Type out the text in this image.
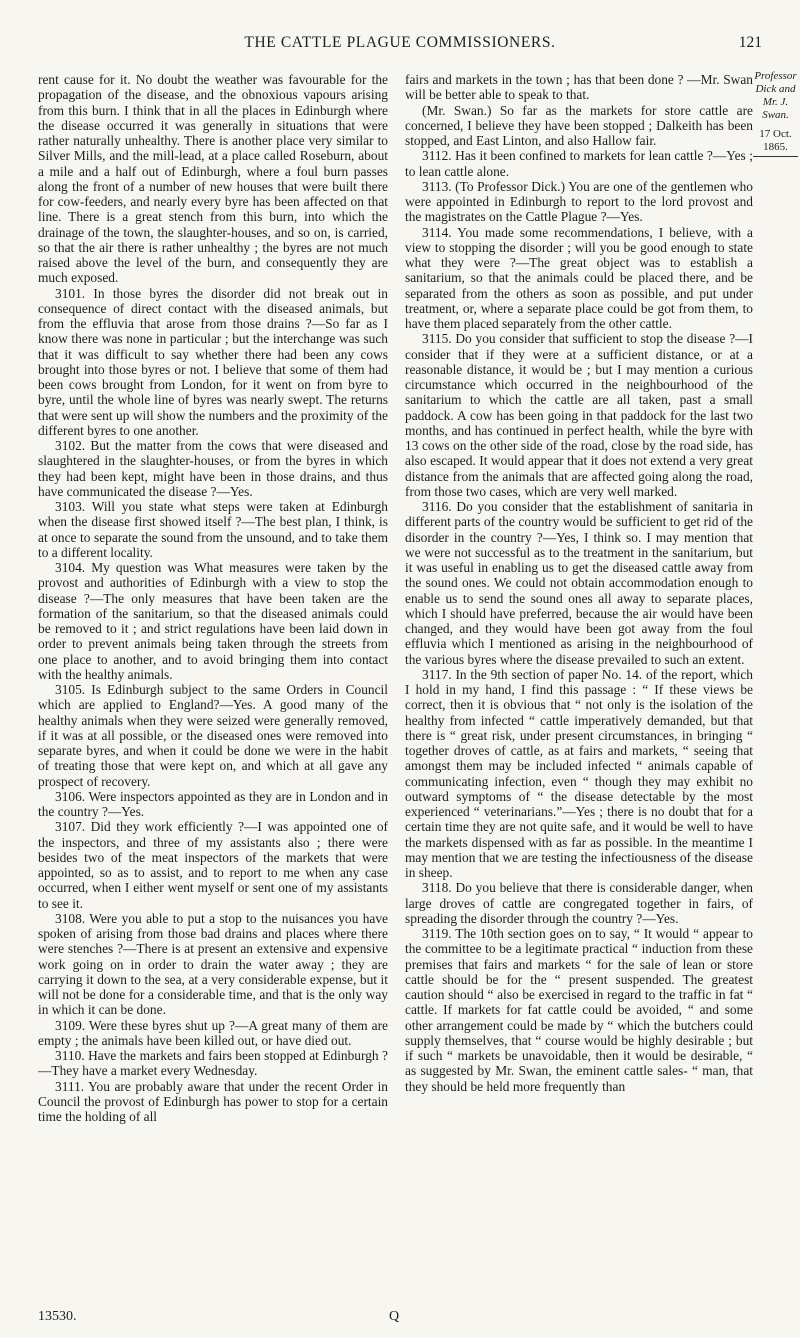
THE CATTLE PLAGUE COMMISSIONERS.	121

rent cause for it. No doubt the weather was favourable for the propagation of the disease, and the obnoxious vapours arising from this burn. I think that in all the places in Edinburgh where the disease occurred it was generally in situations that were rather naturally unhealthy. There is another place very similar to Silver Mills, and the mill-lead, at a place called Roseburn, about a mile and a half out of Edinburgh, where a foul burn passes along the front of a number of new houses that were built there for cow-feeders, and nearly every byre has been affected on that line. There is a great stench from this burn, into which the drainage of the town, the slaughter-houses, and so on, is carried, so that the air there is rather unhealthy ; the byres are not much raised above the level of the burn, and consequently they are much exposed.

3101. In those byres the disorder did not break out in consequence of direct contact with the diseased animals, but from the effluvia that arose from those drains ?—So far as I know there was none in particular ; but the interchange was such that it was difficult to say whether there had been any cows brought into those byres or not. I believe that some of them had been cows brought from London, for it went on from byre to byre, until the whole line of byres was nearly swept. The returns that were sent up will show the numbers and the proximity of the different byres to one another.

3102. But the matter from the cows that were diseased and slaughtered in the slaughter-houses, or from the byres in which they had been kept, might have been in those drains, and thus have communicated the disease ?—Yes.

3103. Will you state what steps were taken at Edinburgh when the disease first showed itself ?—The best plan, I think, is at once to separate the sound from the unsound, and to take them to a different locality.

3104. My question was What measures were taken by the provost and authorities of Edinburgh with a view to stop the disease ?—The only measures that have been taken are the formation of the sanitarium, so that the diseased animals could be removed to it ; and strict regulations have been laid down in order to prevent animals being taken through the streets from one place to another, and to avoid bringing them into contact with the healthy animals.

3105. Is Edinburgh subject to the same Orders in Council which are applied to England?—Yes. A good many of the healthy animals when they were seized were generally removed, if it was at all possible, or the diseased ones were removed into separate byres, and when it could be done we were in the habit of treating those that were kept on, and which at all gave any prospect of recovery.

3106. Were inspectors appointed as they are in London and in the country ?—Yes.

3107. Did they work efficiently ?—I was appointed one of the inspectors, and three of my assistants also ; there were besides two of the meat inspectors of the markets that were appointed, so as to assist, and to report to me when any case occurred, when I either went myself or sent one of my assistants to see it.

3108. Were you able to put a stop to the nuisances you have spoken of arising from those bad drains and places where there were stenches ?—There is at present an extensive and expensive work going on in order to drain the water away ; they are carrying it down to the sea, at a very considerable expense, but it will not be done for a considerable time, and that is the only way in which it can be done.

3109. Were these byres shut up ?—A great many of them are empty ; the animals have been killed out, or have died out.

3110. Have the markets and fairs been stopped at Edinburgh ?—They have a market every Wednesday.

3111. You are probably aware that under the recent Order in Council the provost of Edinburgh has power to stop for a certain time the holding of all

fairs and markets in the town ; has that been done ? —Mr. Swan will be better able to speak to that.

(Mr. Swan.) So far as the markets for store cattle are concerned, I believe they have been stopped ; Dalkeith has been stopped, and East Linton, and also Hallow fair.

3112. Has it been confined to markets for lean cattle ?—Yes ; to lean cattle alone.

3113. (To Professor Dick.) You are one of the gentlemen who were appointed in Edinburgh to report to the lord provost and the magistrates on the Cattle Plague ?—Yes.

3114. You made some recommendations, I believe, with a view to stopping the disorder ; will you be good enough to state what they were ?—The great object was to establish a sanitarium, so that the animals could be placed there, and be separated from the others as soon as possible, and put under treatment, or, where a separate place could be got from them, to have them placed separately from the other cattle.

3115. Do you consider that sufficient to stop the disease ?—I consider that if they were at a sufficient distance, or at a reasonable distance, it would be ; but I may mention a curious circumstance which occurred in the neighbourhood of the sanitarium to which the cattle are all taken, past a small paddock. A cow has been going in that paddock for the last two months, and has continued in perfect health, while the byre with 13 cows on the other side of the road, close by the road side, has also escaped. It would appear that it does not extend a very great distance from the animals that are affected going along the road, from those two cases, which are very well marked.

3116. Do you consider that the establishment of sanitaria in different parts of the country would be sufficient to get rid of the disorder in the country ?—Yes, I think so. I may mention that we were not successful as to the treatment in the sanitarium, but it was useful in enabling us to get the diseased cattle away from the sound ones. We could not obtain accommodation enough to enable us to send the sound ones all away to separate places, which I should have preferred, because the air would have been changed, and they would have been got away from the foul effluvia which I mentioned as arising in the neighbourhood of the various byres where the disease prevailed to such an extent.

3117. In the 9th section of paper No. 14. of the report, which I hold in my hand, I find this passage : “ If these views be correct, then it is obvious that “ not only is the isolation of the healthy from infected “ cattle imperatively demanded, but that there is “ great risk, under present circumstances, in bringing “ together droves of cattle, as at fairs and markets, “ seeing that amongst them may be included infected “ animals capable of communicating infection, even “ though they may exhibit no outward symptoms of “ the disease detectable by the most experienced “ veterinarians.”—Yes ; there is no doubt that for a certain time they are not quite safe, and it would be well to have the markets dispensed with as far as possible. In the meantime I may mention that we are testing the infectiousness of the disease in sheep.

3118. Do you believe that there is considerable danger, when large droves of cattle are congregated together in fairs, of spreading the disorder through the country ?—Yes.

3119. The 10th section goes on to say, “ It would “ appear to the committee to be a legitimate practical “ induction from these premises that fairs and markets “ for the sale of lean or store cattle should be for the “ present suspended. The greatest caution should “ also be exercised in regard to the traffic in fat “ cattle. If markets for fat cattle could be avoided, “ and some other arrangement could be made by “ which the butchers could supply themselves, that “ course would be highly desirable ; but if such “ markets be unavoidable, then it would be desirable, “ as suggested by Mr. Swan, the eminent cattle sales- “ man, that they should be held more frequently than

Professor Dick and Mr. J. Swan.
17 Oct. 1865.
13530.	Q
